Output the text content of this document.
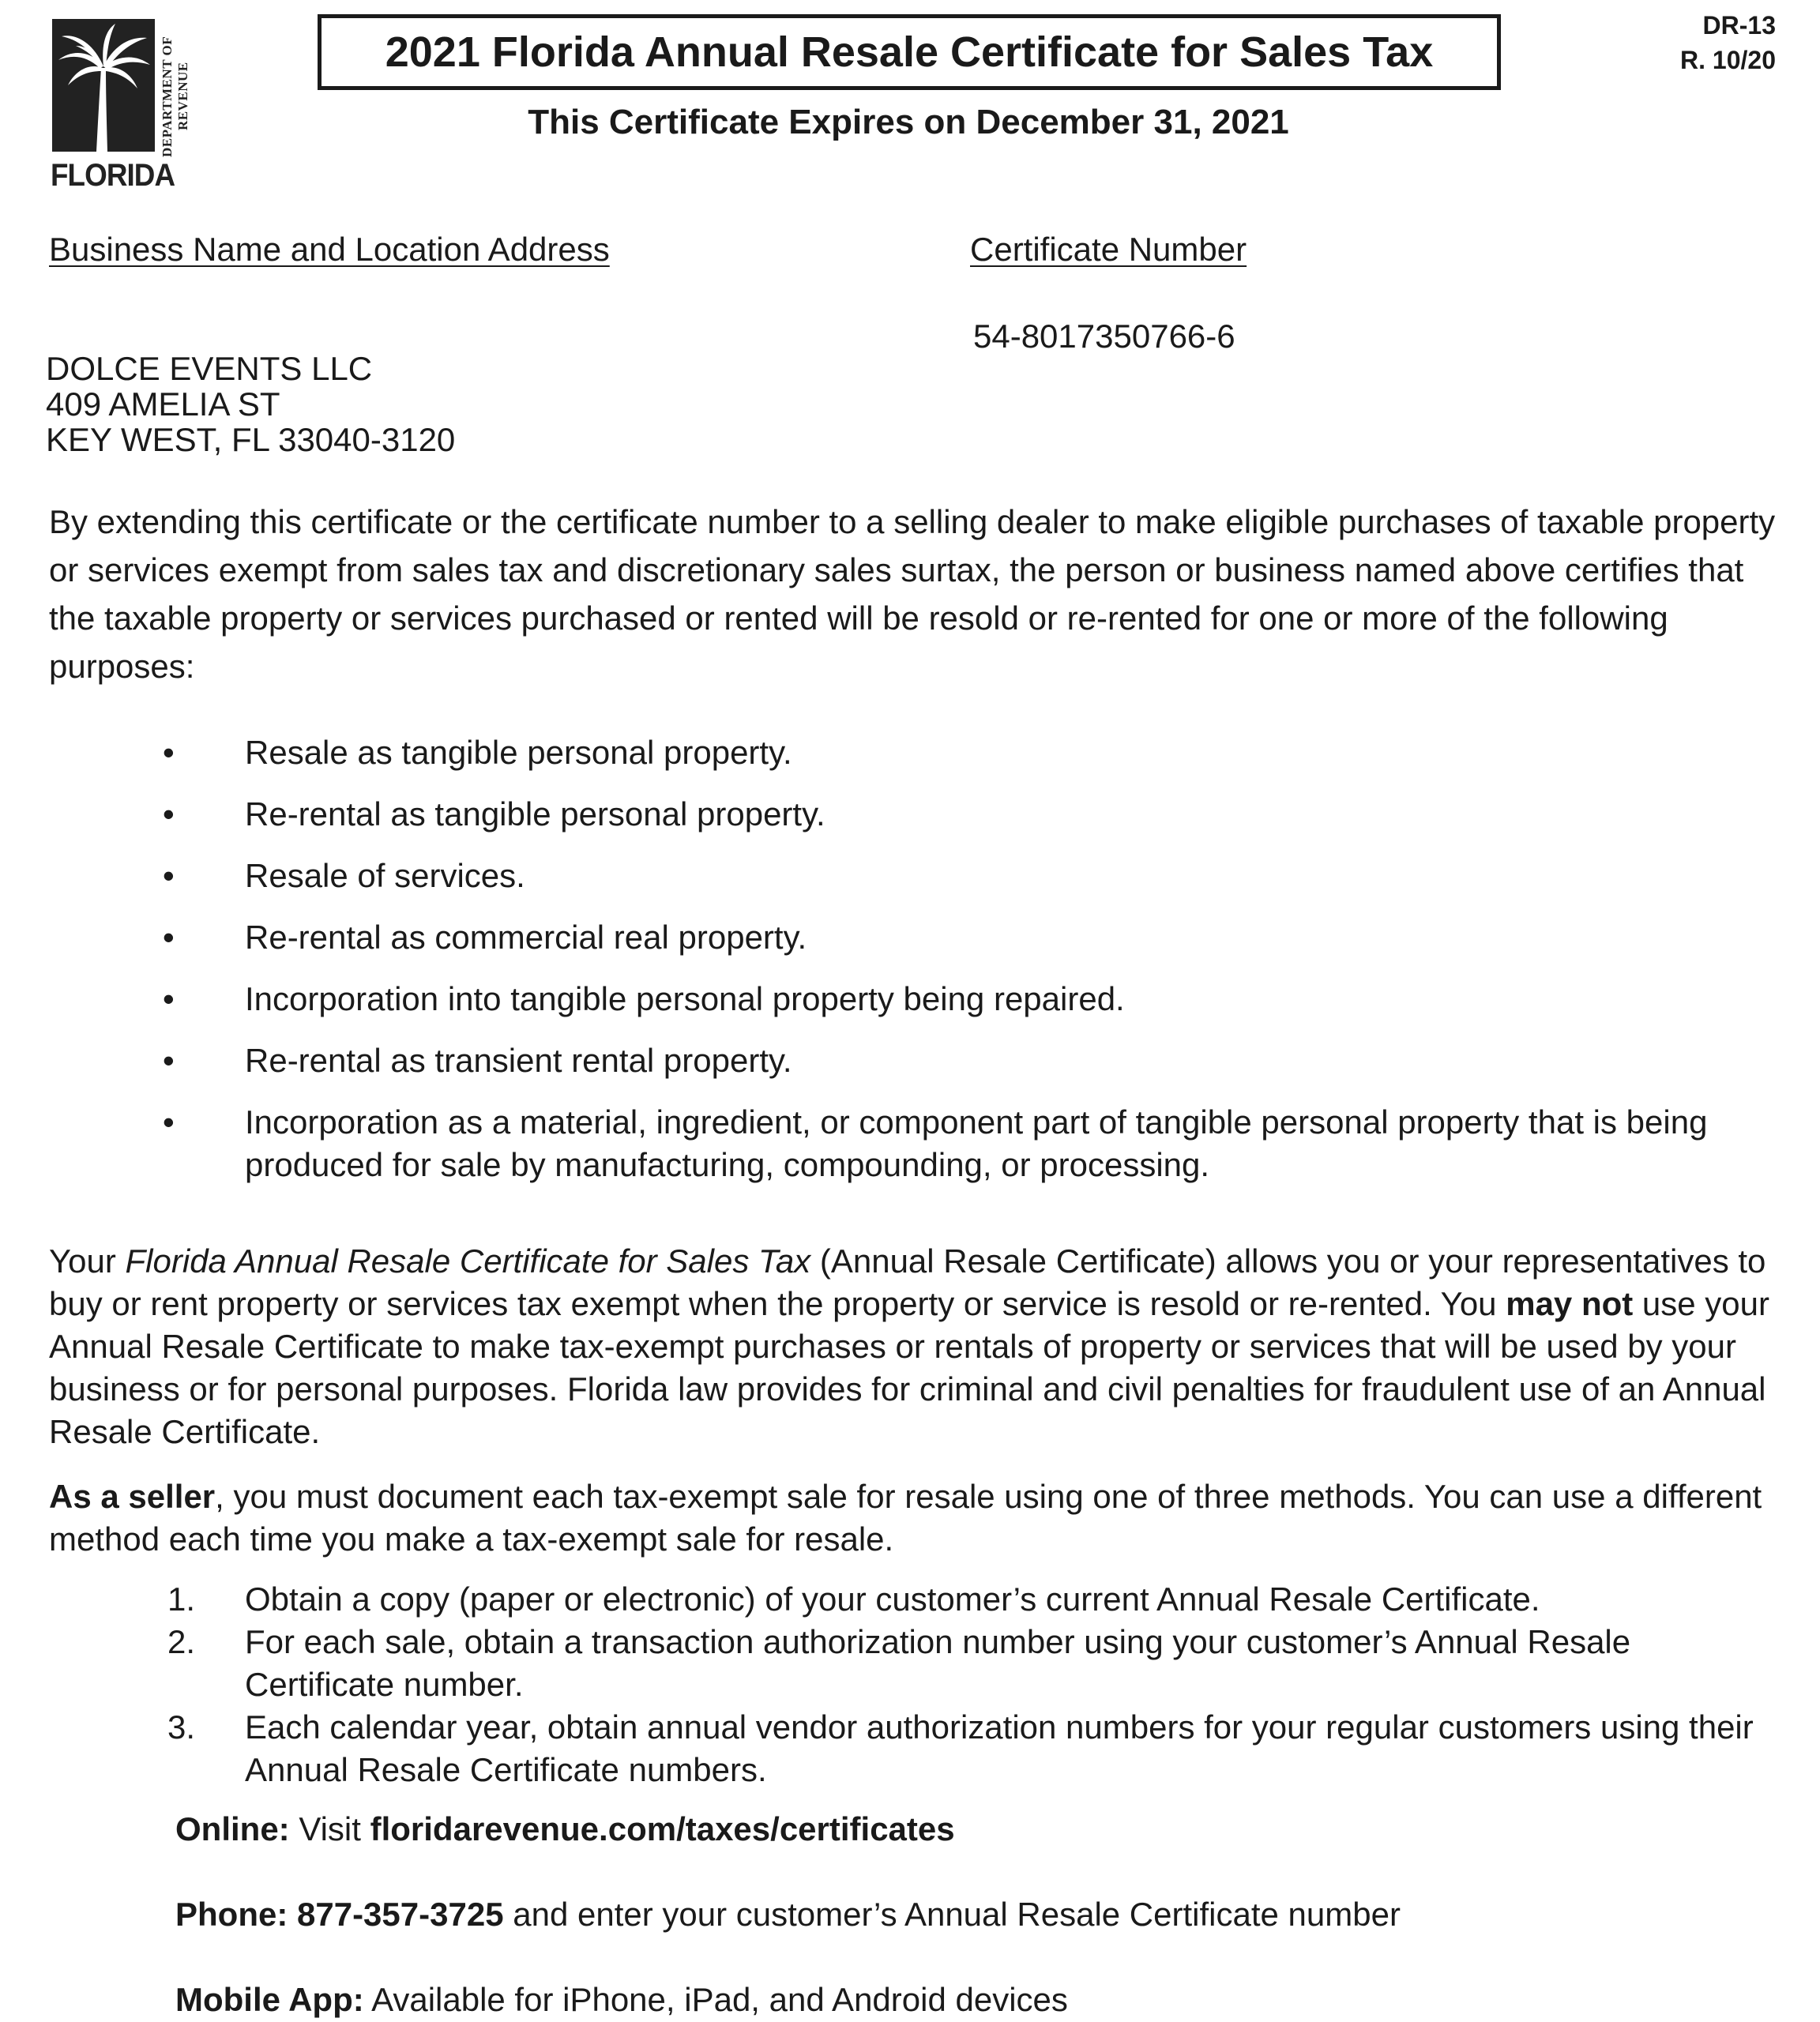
DEPARTMENT OF REVENUE
FLORIDA
2021 Florida Annual Resale Certificate for Sales Tax
DR-13
R. 10/20
This Certificate Expires on December 31, 2021
Business Name and Location Address	Certificate Number
54-8017350766-6
DOLCE EVENTS LLC
409 AMELIA ST
KEY WEST, FL 33040-3120
By extending this certificate or the certificate number to a selling dealer to make eligible purchases of taxable property or services exempt from sales tax and discretionary sales surtax, the person or business named above certifies that the taxable property or services purchased or rented will be resold or re-rented for one or more of the following purposes:
• Resale as tangible personal property.
• Re-rental as tangible personal property.
• Resale of services.
• Re-rental as commercial real property.
• Incorporation into tangible personal property being repaired.
• Re-rental as transient rental property.
• Incorporation as a material, ingredient, or component part of tangible personal property that is being produced for sale by manufacturing, compounding, or processing.
Your Florida Annual Resale Certificate for Sales Tax (Annual Resale Certificate) allows you or your representatives to buy or rent property or services tax exempt when the property or service is resold or re-rented. You may not use your Annual Resale Certificate to make tax-exempt purchases or rentals of property or services that will be used by your business or for personal purposes. Florida law provides for criminal and civil penalties for fraudulent use of an Annual Resale Certificate.
As a seller, you must document each tax-exempt sale for resale using one of three methods. You can use a different method each time you make a tax-exempt sale for resale.
1. Obtain a copy (paper or electronic) of your customer’s current Annual Resale Certificate.
2. For each sale, obtain a transaction authorization number using your customer’s Annual Resale Certificate number.
3. Each calendar year, obtain annual vendor authorization numbers for your regular customers using their Annual Resale Certificate numbers.
Online: Visit floridarevenue.com/taxes/certificates
Phone: 877-357-3725 and enter your customer’s Annual Resale Certificate number
Mobile App: Available for iPhone, iPad, and Android devices
